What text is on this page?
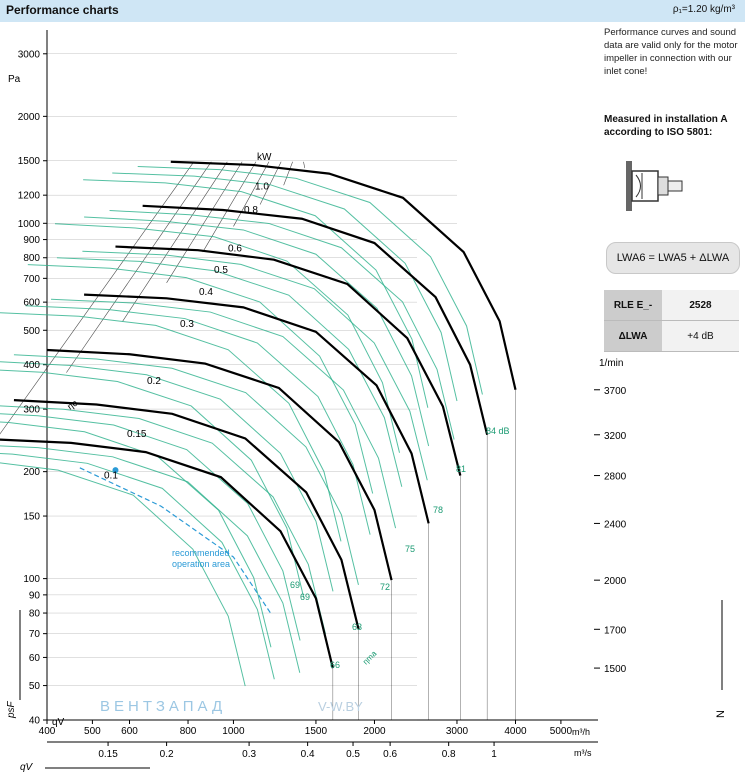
400	500 600	800	1000	1500	2000	3000	4000 5000
0.15	0.2	0.3	0.4	0.5 0.6	0.8	1
40
50
60
70
80
90
100
150
200
300
400
500
600
700
800
900
1000
1200
1500
2000
3000
3700
3200
2800
2400
2000
1700
1500
1.0
0.8
0.6
0.5
0.4
0.3
0.2
0.15
0.1
84 dB
81
78
75
72
69
66
69
63
qV
Pa
1/min
kW
m³/h
m³/s
qV
psF	N
ВЕНТЗАПАД	V-W.BY
recommended
operation area
ηe
ηma
Performance charts	ρ₁=1.20 kg/m³
Performance curves and sound data are valid only for the motor impeller in connection with our inlet cone!
Measured in installation A according to ISO 5801:
LWA6 = LWA5 + ΔLWA
RLE E_-	2528
ΔLWA	+4 dB
